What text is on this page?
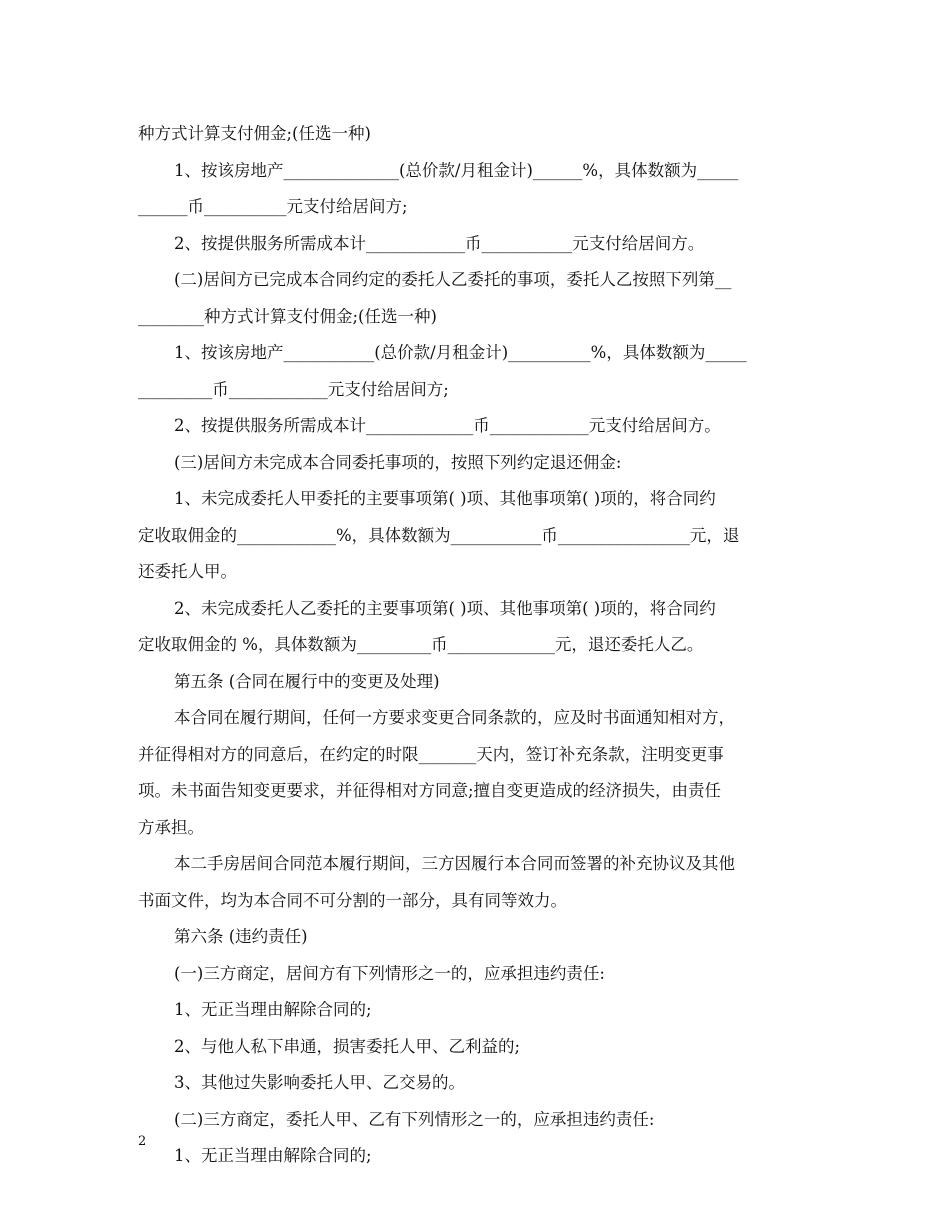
种方式计算支付佣金;(任选一种)
1、按该房地产______________(总价款/月租金计)______%，具体数额为_____
______币__________元支付给居间方;
2、按提供服务所需成本计____________币___________元支付给居间方。
(二)居间方已完成本合同约定的委托人乙委托的事项，委托人乙按照下列第__
________种方式计算支付佣金;(任选一种)
1、按该房地产___________(总价款/月租金计)__________%，具体数额为_____
_________币____________元支付给居间方;
2、按提供服务所需成本计_____________币____________元支付给居间方。
(三)居间方未完成本合同委托事项的，按照下列约定退还佣金:
1、未完成委托人甲委托的主要事项第( )项、其他事项第( )项的，将合同约
定收取佣金的____________%，具体数额为___________币________________元，退
还委托人甲。
2、未完成委托人乙委托的主要事项第( )项、其他事项第( )项的，将合同约
定收取佣金的 %，具体数额为_________币_____________元，退还委托人乙。
第五条 (合同在履行中的变更及处理)
本合同在履行期间，任何一方要求变更合同条款的，应及时书面通知相对方，
并征得相对方的同意后，在约定的时限_______天内，签订补充条款，注明变更事
项。未书面告知变更要求，并征得相对方同意;擅自变更造成的经济损失，由责任
方承担。
本二手房居间合同范本履行期间，三方因履行本合同而签署的补充协议及其他
书面文件，均为本合同不可分割的一部分，具有同等效力。
第六条 (违约责任)
(一)三方商定，居间方有下列情形之一的，应承担违约责任:
1、无正当理由解除合同的;
2、与他人私下串通，损害委托人甲、乙利益的;
3、其他过失影响委托人甲、乙交易的。
(二)三方商定，委托人甲、乙有下列情形之一的，应承担违约责任:
1、无正当理由解除合同的;
2
